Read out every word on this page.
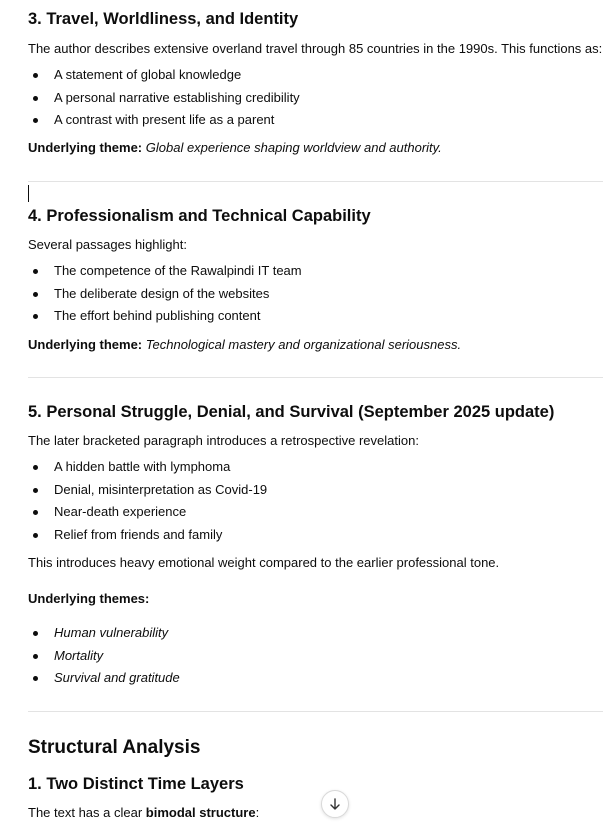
3. Travel, Worldliness, and Identity
The author describes extensive overland travel through 85 countries in the 1990s. This functions as:
A statement of global knowledge
A personal narrative establishing credibility
A contrast with present life as a parent
Underlying theme: Global experience shaping worldview and authority.
4. Professionalism and Technical Capability
Several passages highlight:
The competence of the Rawalpindi IT team
The deliberate design of the websites
The effort behind publishing content
Underlying theme: Technological mastery and organizational seriousness.
5. Personal Struggle, Denial, and Survival (September 2025 update)
The later bracketed paragraph introduces a retrospective revelation:
A hidden battle with lymphoma
Denial, misinterpretation as Covid-19
Near-death experience
Relief from friends and family
This introduces heavy emotional weight compared to the earlier professional tone.
Underlying themes:
Human vulnerability
Mortality
Survival and gratitude
Structural Analysis
1. Two Distinct Time Layers
The text has a clear bimodal structure:
